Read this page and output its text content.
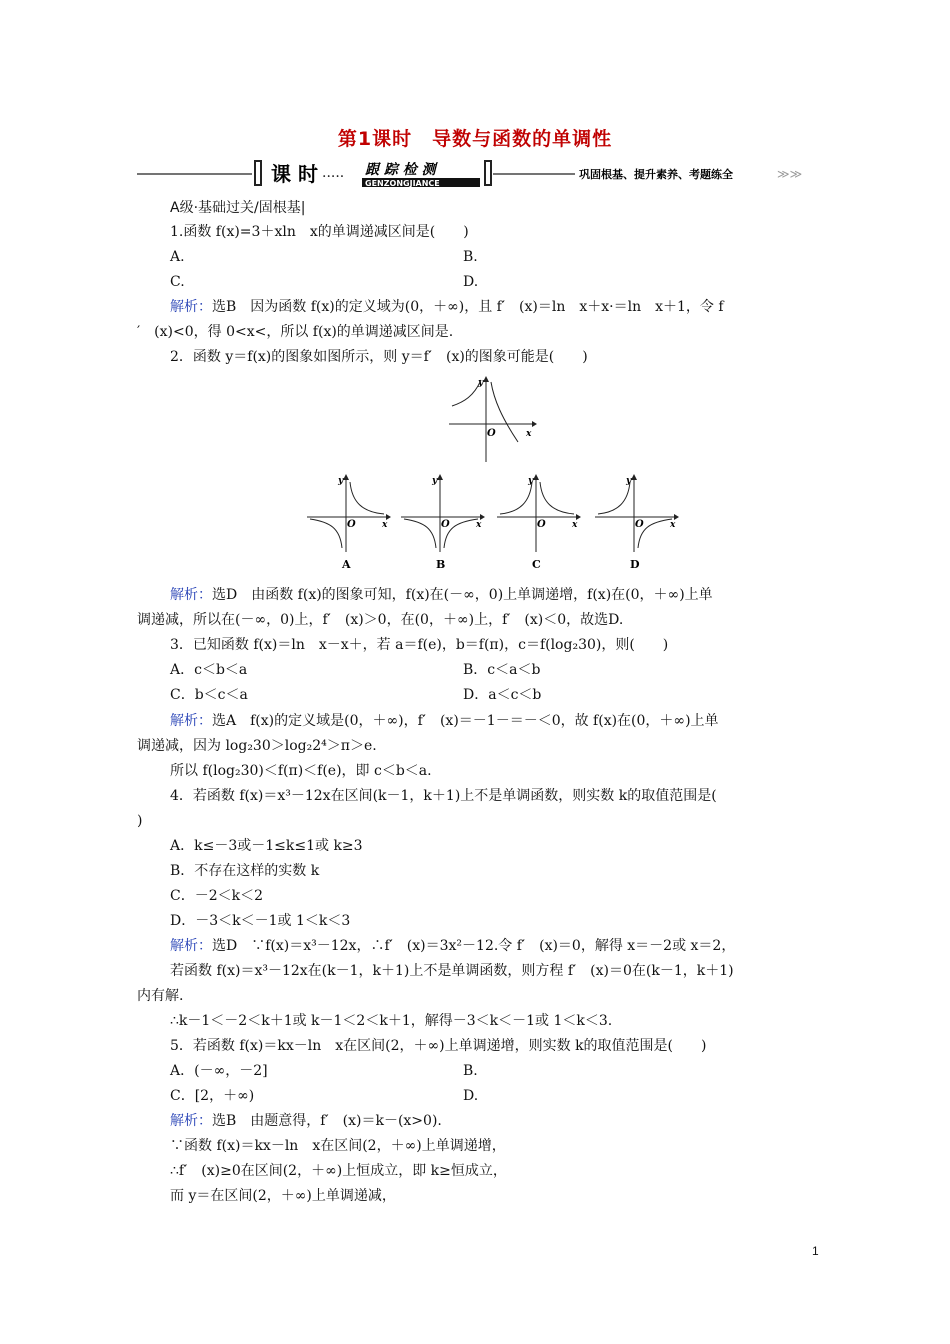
第1课时　导数与函数的单调性
课 时 ····· 跟 踪 检 测
GENZONGJIANCE
巩固根基、提升素养、考题练全	≫≫
A级·基础过关/固根基|
1.函数 f(x)=3＋xln　x的单调递减区间是(　　)
A.	B.
C.	D.
解析：选B　因为函数 f(x)的定义域为(0，＋∞)，且 f′　(x)＝ln　x＋x·＝ln　x＋1，令 f
′　(x)<0，得 0<x<，所以 f(x)的单调递减区间是.
2．函数 y＝f(x)的图象如图所示，则 y＝f′　(x)的图象可能是(　　)
y
x
O
y
x
O
A
y
x
O
B
y
x
O
C
y
x
O
D
解析：选D　由函数 f(x)的图象可知，f(x)在(－∞，0)上单调递增，f(x)在(0，＋∞)上单
调递减，所以在(－∞，0)上，f′　(x)＞0，在(0，＋∞)上，f′　(x)＜0，故选D.
3．已知函数 f(x)＝ln　x－x＋，若 a＝f(e)，b＝f(π)，c＝f(log₂30)，则(　　)
A．c＜b＜a	B．c＜a＜b
C．b＜c＜a	D．a＜c＜b
解析：选A　f(x)的定义域是(0，＋∞)，f′　(x)＝－1－＝－＜0，故 f(x)在(0，＋∞)上单
调递减，因为 log₂30＞log₂2⁴＞π＞e.
所以 f(log₂30)＜f(π)＜f(e)，即 c＜b＜a.
4．若函数 f(x)＝x³－12x在区间(k－1，k＋1)上不是单调函数，则实数 k的取值范围是(
)
A．k≤－3或－1≤k≤1或 k≥3
B．不存在这样的实数 k
C．－2＜k＜2
D．－3＜k＜－1或 1＜k＜3
解析：选D　∵f(x)＝x³－12x，∴f′　(x)＝3x²－12.令 f′　(x)＝0，解得 x＝－2或 x＝2，
若函数 f(x)＝x³－12x在(k－1，k＋1)上不是单调函数，则方程 f′　(x)＝0在(k－1，k＋1)
内有解.
∴k－1＜－2＜k＋1或 k－1＜2＜k＋1，解得－3＜k＜－1或 1＜k＜3.
5．若函数 f(x)＝kx－ln　x在区间(2，＋∞)上单调递增，则实数 k的取值范围是(　　)
A．(－∞，－2]	B.
C．[2，＋∞)	D.
解析：选B　由题意得，f′　(x)＝k－(x>0).
∵函数 f(x)＝kx－ln　x在区间(2，＋∞)上单调递增，
∴f′　(x)≥0在区间(2，＋∞)上恒成立，即 k≥恒成立，
而 y＝在区间(2，＋∞)上单调递减，
1
